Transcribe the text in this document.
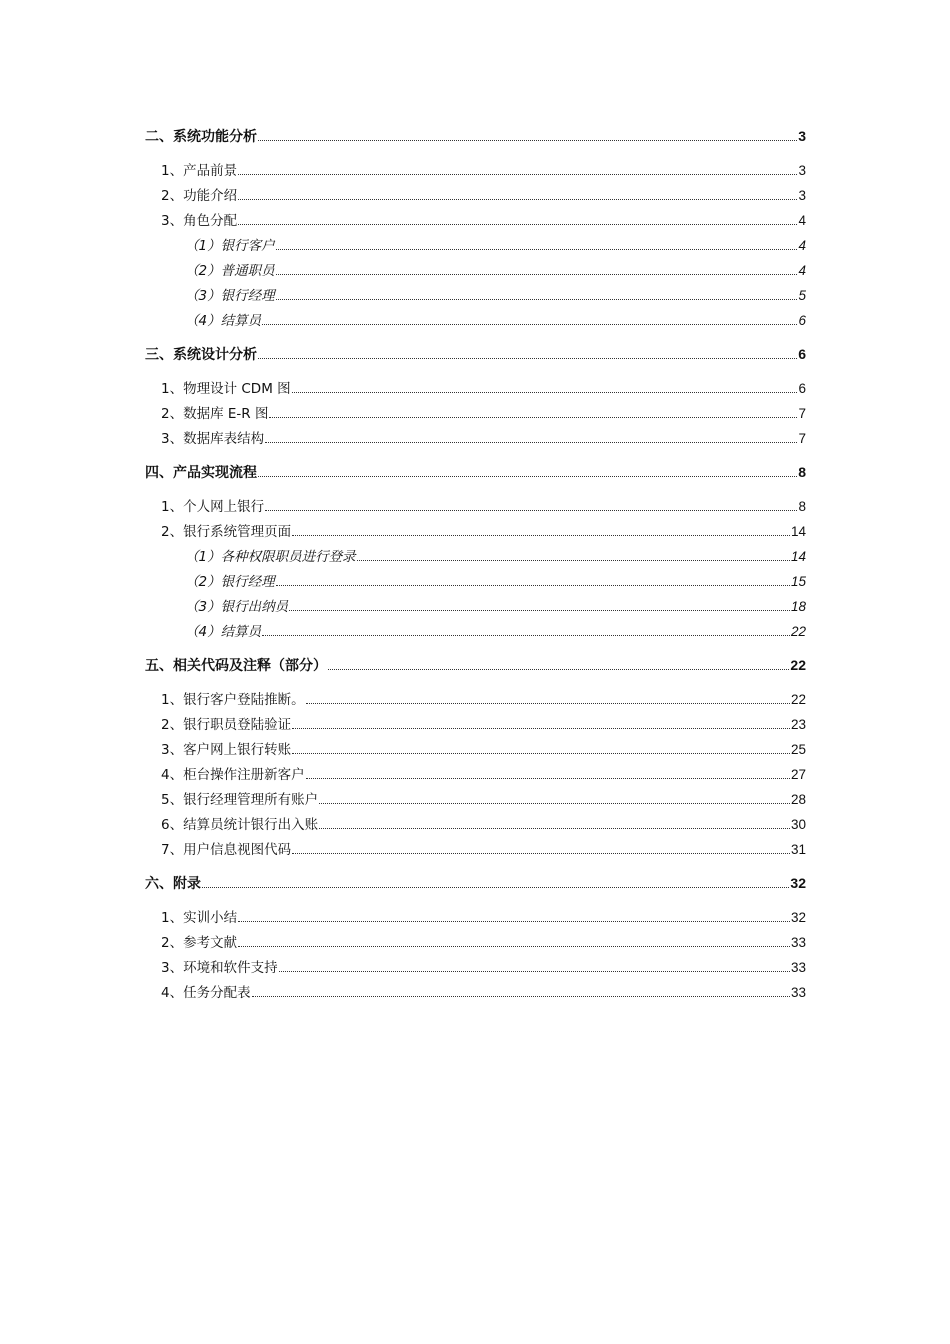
二、系统功能分析	3
1、产品前景	3
2、功能介绍	3
3、角色分配	4
（1）银行客户	4
（2）普通职员	4
（3）银行经理	5
（4）结算员	6
三、系统设计分析	6
1、物理设计 CDM 图	6
2、数据库 E-R 图	7
3、数据库表结构	7
四、产品实现流程	8
1、个人网上银行	8
2、银行系统管理页面	14
（1）各种权限职员进行登录	14
（2）银行经理	15
（3）银行出纳员	18
（4）结算员	22
五、相关代码及注释（部分）	22
1、银行客户登陆推断。	22
2、银行职员登陆验证	23
3、客户网上银行转账	25
4、柜台操作注册新客户	27
5、银行经理管理所有账户	28
6、结算员统计银行出入账	30
7、用户信息视图代码	31
六、附录	32
1、实训小结	32
2、参考文献	33
3、环境和软件支持	33
4、任务分配表	33
